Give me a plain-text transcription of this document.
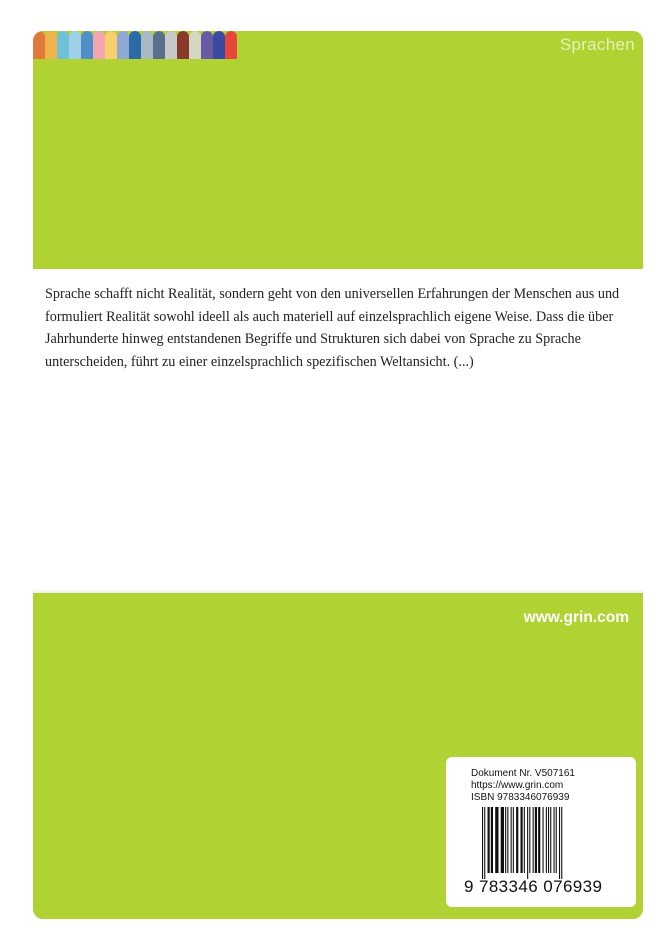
Sprachen

Sprache schafft nicht Realität, sondern geht von den universellen Erfahrungen der Menschen aus und formuliert Realität sowohl ideell als auch materiell auf einzelsprachlich eigene Weise. Dass die über Jahrhunderte hinweg entstandenen Begriffe und Strukturen sich dabei von Sprache zu Sprache unterscheiden, führt zu einer einzelsprachlich spezifischen Weltansicht. (...)

www.grin.com
Dokument Nr. V507161
https://www.grin.com
ISBN 9783346076939
9 783346 076939
